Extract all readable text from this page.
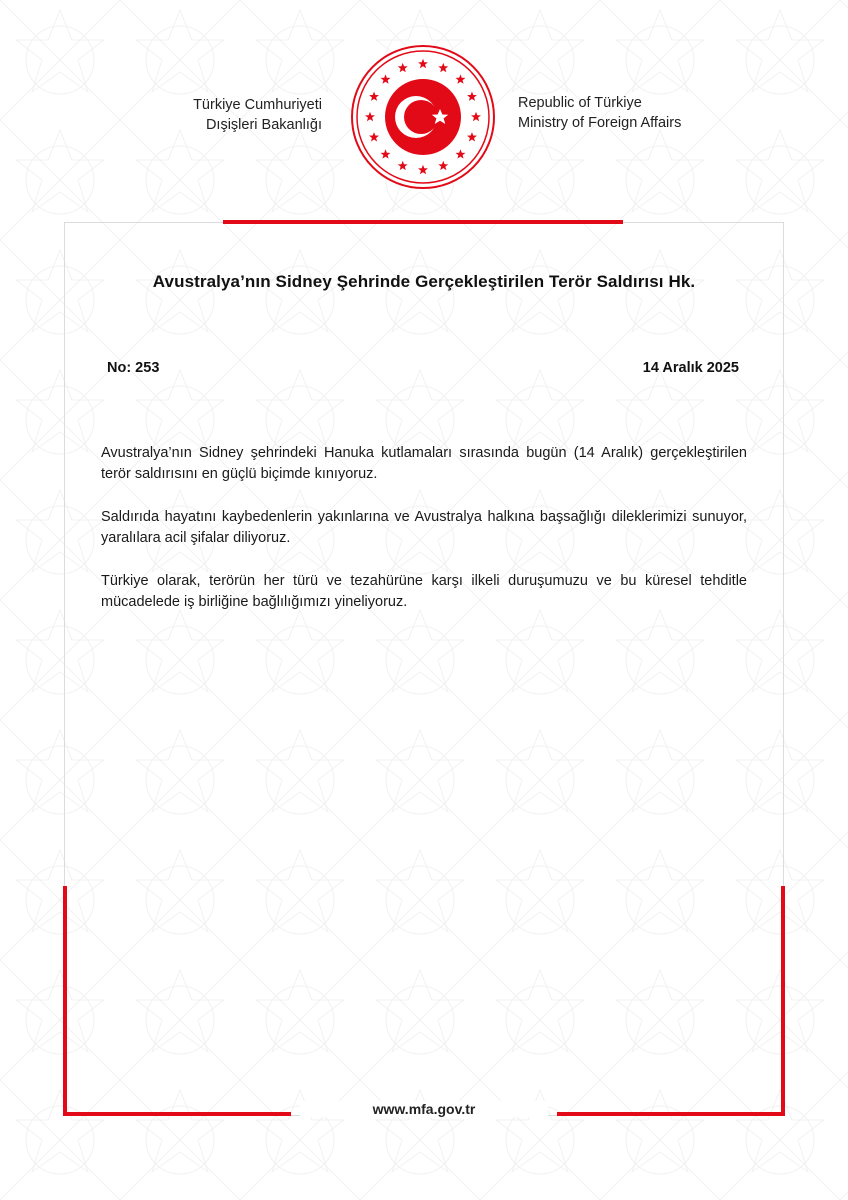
Türkiye Cumhuriyeti
Dışişleri Bakanlığı
Republic of Türkiye
Ministry of Foreign Affairs
Avustralya’nın Sidney Şehrinde Gerçekleştirilen Terör Saldırısı Hk.
No: 253	14 Aralık 2025

Avustralya’nın Sidney şehrindeki Hanuka kutlamaları sırasında bugün (14 Aralık) gerçekleştirilen terör saldırısını en güçlü biçimde kınıyoruz.

Saldırıda hayatını kaybedenlerin yakınlarına ve Avustralya halkına başsağlığı dileklerimizi sunuyor, yaralılara acil şifalar diliyoruz.

Türkiye olarak, terörün her türü ve tezahürüne karşı ilkeli duruşumuzu ve bu küresel tehditle mücadelede iş birliğine bağlılığımızı yineliyoruz.

www.mfa.gov.tr
